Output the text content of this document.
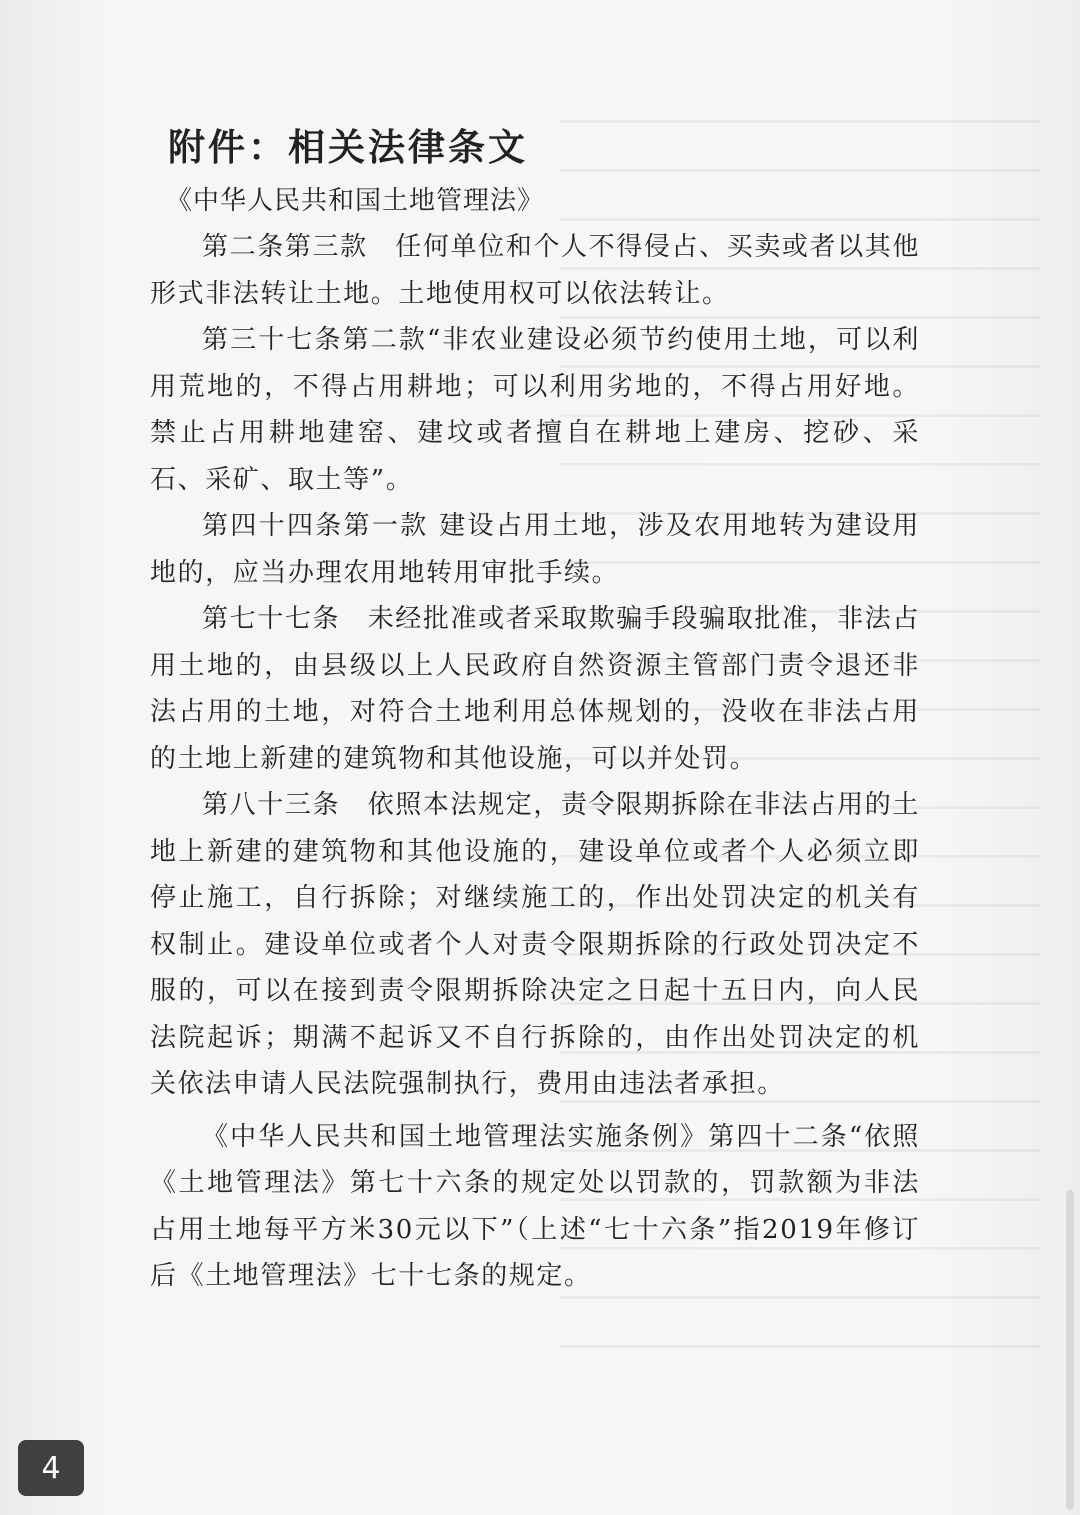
附件：相关法律条文
《中华人民共和国土地管理法》

第二条第三款　任何单位和个人不得侵占、买卖或者以其他形式非法转让土地。土地使用权可以依法转让。

第三十七条第二款“非农业建设必须节约使用土地，可以利用荒地的，不得占用耕地；可以利用劣地的，不得占用好地。禁止占用耕地建窑、建坟或者擅自在耕地上建房、挖砂、采石、采矿、取土等”。

第四十四条第一款 建设占用土地，涉及农用地转为建设用地的，应当办理农用地转用审批手续。

第七十七条　未经批准或者采取欺骗手段骗取批准，非法占用土地的，由县级以上人民政府自然资源主管部门责令退还非法占用的土地，对符合土地利用总体规划的，没收在非法占用的土地上新建的建筑物和其他设施，可以并处罚。

第八十三条　依照本法规定，责令限期拆除在非法占用的土地上新建的建筑物和其他设施的，建设单位或者个人必须立即停止施工，自行拆除；对继续施工的，作出处罚决定的机关有权制止。建设单位或者个人对责令限期拆除的行政处罚决定不服的，可以在接到责令限期拆除决定之日起十五日内，向人民法院起诉；期满不起诉又不自行拆除的，由作出处罚决定的机关依法申请人民法院强制执行，费用由违法者承担。

《中华人民共和国土地管理法实施条例》第四十二条“依照《土地管理法》第七十六条的规定处以罚款的，罚款额为非法占用土地每平方米30元以下”（上述“七十六条”指2019年修订后《土地管理法》七十七条的规定。

4
